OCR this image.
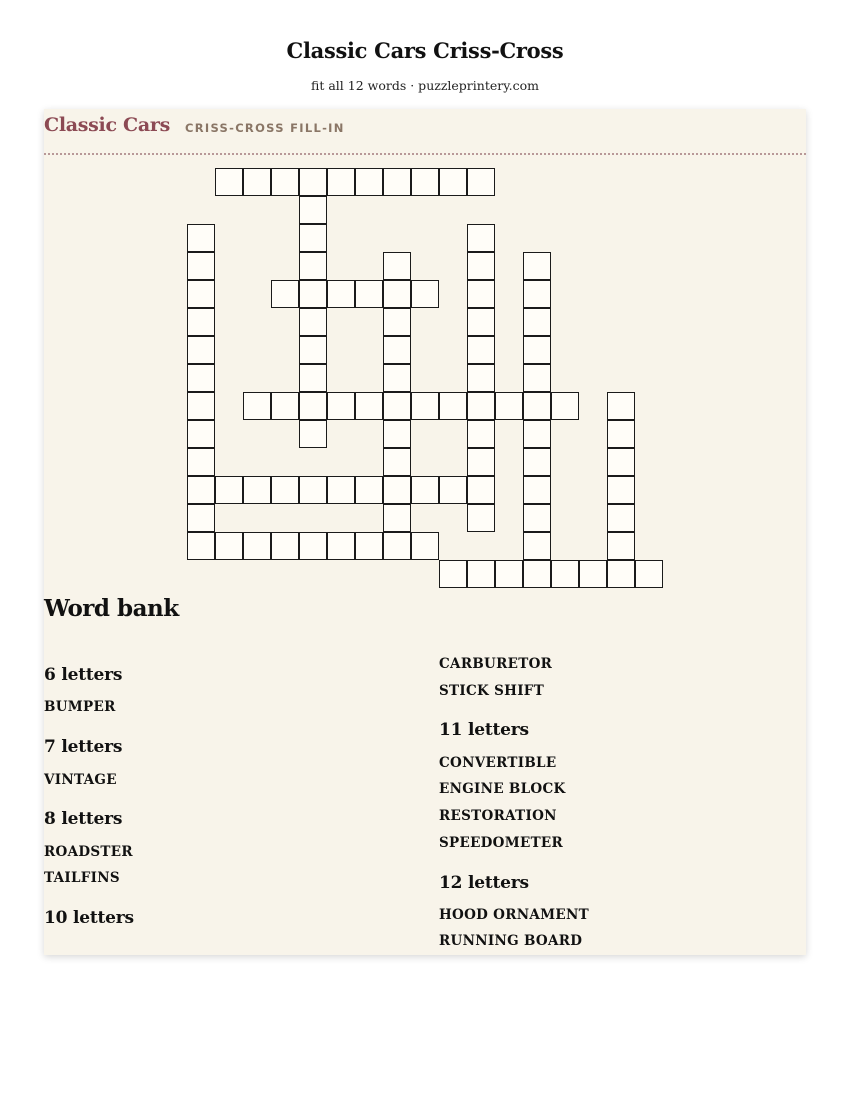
Classic Cars Criss-Cross
fit all 12 words · puzzleprintery.com
Classic Cars CRISS-CROSS FILL-IN
Word bank
6 letters
BUMPER
7 letters
VINTAGE
8 letters
ROADSTER
TAILFINS
10 letters
CARBURETOR
STICK SHIFT
11 letters
CONVERTIBLE
ENGINE BLOCK
RESTORATION
SPEEDOMETER
12 letters
HOOD ORNAMENT
RUNNING BOARD
